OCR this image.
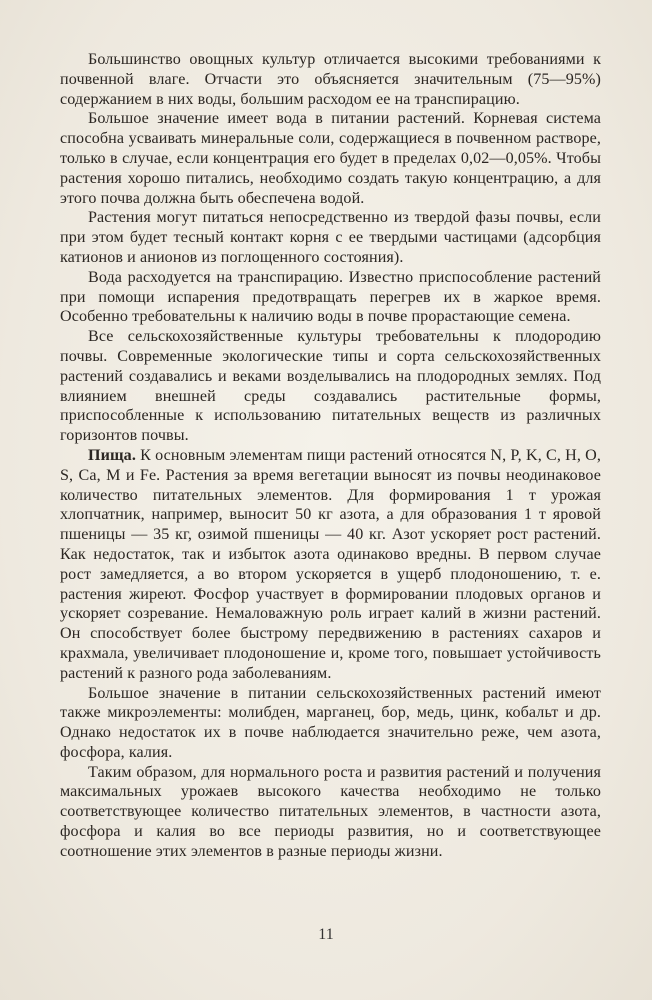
Большинство овощных культур отличается высокими требованиями к почвенной влаге. Отчасти это объясняется значительным (75—95%) содержанием в них воды, большим расходом ее на транспирацию.

Большое значение имеет вода в питании растений. Корневая система способна усваивать минеральные соли, содержащиеся в почвенном растворе, только в случае, если концентрация его будет в пределах 0,02—0,05%. Чтобы растения хорошо питались, необходимо создать такую концентрацию, а для этого почва должна быть обеспечена водой.

Растения могут питаться непосредственно из твердой фазы почвы, если при этом будет тесный контакт корня с ее твердыми частицами (адсорбция катионов и анионов из поглощенного состояния).

Вода расходуется на транспирацию. Известно приспособление растений при помощи испарения предотвращать перегрев их в жаркое время. Особенно требовательны к наличию воды в почве прорастающие семена.

Все сельскохозяйственные культуры требовательны к плодородию почвы. Современные экологические типы и сорта сельскохозяйственных растений создавались и веками возделывались на плодородных землях. Под влиянием внешней среды создавались растительные формы, приспособленные к использованию питательных веществ из различных горизонтов почвы.

Пища. К основным элементам пищи растений относятся N, P, K, C, H, O, S, Ca, M и Fe. Растения за время вегетации выносят из почвы неодинаковое количество питательных элементов. Для формирования 1 т урожая хлопчатник, например, выносит 50 кг азота, а для образования 1 т яровой пшеницы — 35 кг, озимой пшеницы — 40 кг. Азот ускоряет рост растений. Как недостаток, так и избыток азота одинаково вредны. В первом случае рост замедляется, а во втором ускоряется в ущерб плодоношению, т. е. растения жиреют. Фосфор участвует в формировании плодовых органов и ускоряет созревание. Немаловажную роль играет калий в жизни растений. Он способствует более быстрому передвижению в растениях сахаров и крахмала, увеличивает плодоношение и, кроме того, повышает устойчивость растений к разного рода заболеваниям.

Большое значение в питании сельскохозяйственных растений имеют также микроэлементы: молибден, марганец, бор, медь, цинк, кобальт и др. Однако недостаток их в почве наблюдается значительно реже, чем азота, фосфора, калия.

Таким образом, для нормального роста и развития растений и получения максимальных урожаев высокого качества необходимо не только соответствующее количество питательных элементов, в частности азота, фосфора и калия во все периоды развития, но и соответствующее соотношение этих элементов в разные периоды жизни.

11
